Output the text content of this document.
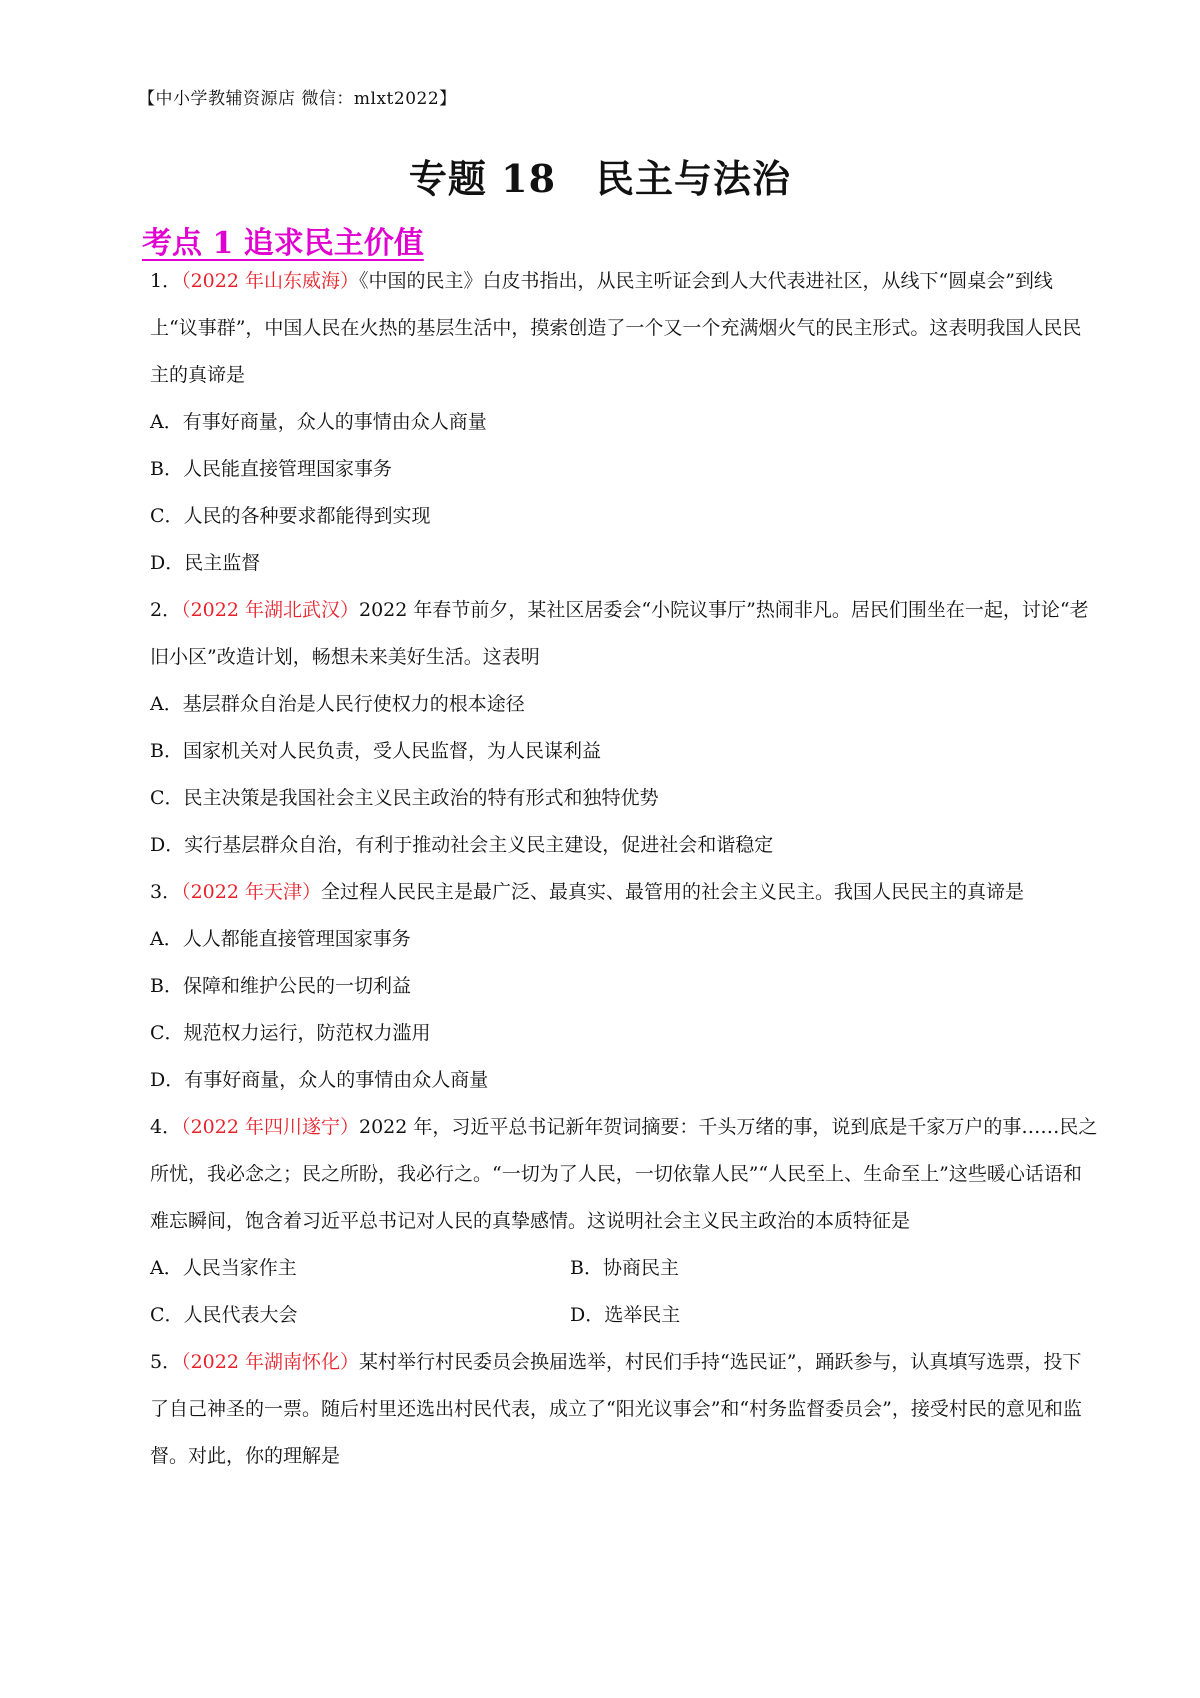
【中小学教辅资源店 微信：mlxt2022】
专题 18 民主与法治
考点 1 追求民主价值

1．（2022 年山东威海）《中国的民主》白皮书指出，从民主听证会到人大代表进社区，从线下“圆桌会”到线上“议事群”，中国人民在火热的基层生活中，摸索创造了一个又一个充满烟火气的民主形式。这表明我国人民民主的真谛是

A．有事好商量，众人的事情由众人商量

B．人民能直接管理国家事务

C．人民的各种要求都能得到实现

D．民主监督

2．（2022 年湖北武汉）2022 年春节前夕，某社区居委会“小院议事厅”热闹非凡。居民们围坐在一起，讨论“老旧小区”改造计划，畅想未来美好生活。这表明

A．基层群众自治是人民行使权力的根本途径

B．国家机关对人民负责，受人民监督，为人民谋利益

C．民主决策是我国社会主义民主政治的特有形式和独特优势

D．实行基层群众自治，有利于推动社会主义民主建设，促进社会和谐稳定

3．（2022 年天津）全过程人民民主是最广泛、最真实、最管用的社会主义民主。我国人民民主的真谛是

A．人人都能直接管理国家事务

B．保障和维护公民的一切利益

C．规范权力运行，防范权力滥用

D．有事好商量，众人的事情由众人商量

4．（2022 年四川遂宁）2022 年，习近平总书记新年贺词摘要：千头万绪的事，说到底是千家万户的事……民之所忧，我必念之；民之所盼，我必行之。“一切为了人民，一切依靠人民”“人民至上、生命至上”这些暖心话语和难忘瞬间，饱含着习近平总书记对人民的真挚感情。这说明社会主义民主政治的本质特征是

A．人民当家作主	B．协商民主
C．人民代表大会	D．选举民主

5．（2022 年湖南怀化）某村举行村民委员会换届选举，村民们手持“选民证”，踊跃参与，认真填写选票，投下了自己神圣的一票。随后村里还选出村民代表，成立了“阳光议事会”和“村务监督委员会”，接受村民的意见和监督。对此，你的理解是
